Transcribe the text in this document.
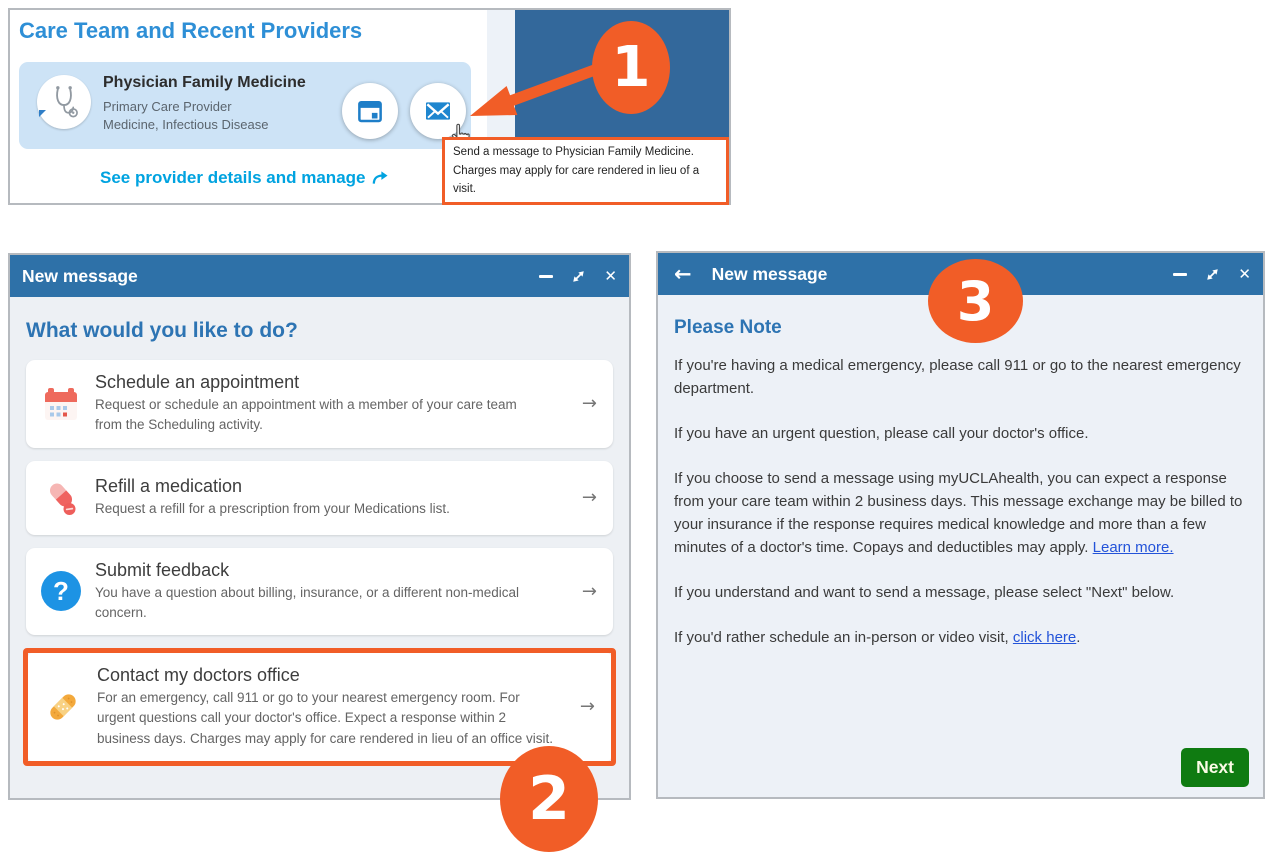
Care Team and Recent Providers
Physician Family Medicine
Primary Care Provider
Medicine, Infectious Disease
See provider details and manage
Send a message to Physician Family Medicine.
Charges may apply for care rendered in lieu of a visit.
New message	✕
What would you like to do?
Schedule an appointment
Request or schedule an appointment with a member of your care team from the Scheduling activity.
→
Refill a medication
Request a refill for a prescription from your Medications list.
→
?
Submit feedback
You have a question about billing, insurance, or a different non-medical concern.
→
Contact my doctors office
For an emergency, call 911 or go to your nearest emergency room. For urgent questions call your doctor's office. Expect a response within 2 business days. Charges may apply for care rendered in lieu of an office visit.
→
← New message	✕
Please Note

If you're having a medical emergency, please call 911 or go to the nearest emergency department.

If you have an urgent question, please call your doctor's office.

If you choose to send a message using myUCLAhealth, you can expect a response from your care team within 2 business days. This message exchange may be billed to your insurance if the response requires medical knowledge and more than a few minutes of a doctor's time. Copays and deductibles may apply. Learn more.

If you understand and want to send a message, please select "Next" below.

If you'd rather schedule an in-person or video visit, click here.

Next
1
2
3
